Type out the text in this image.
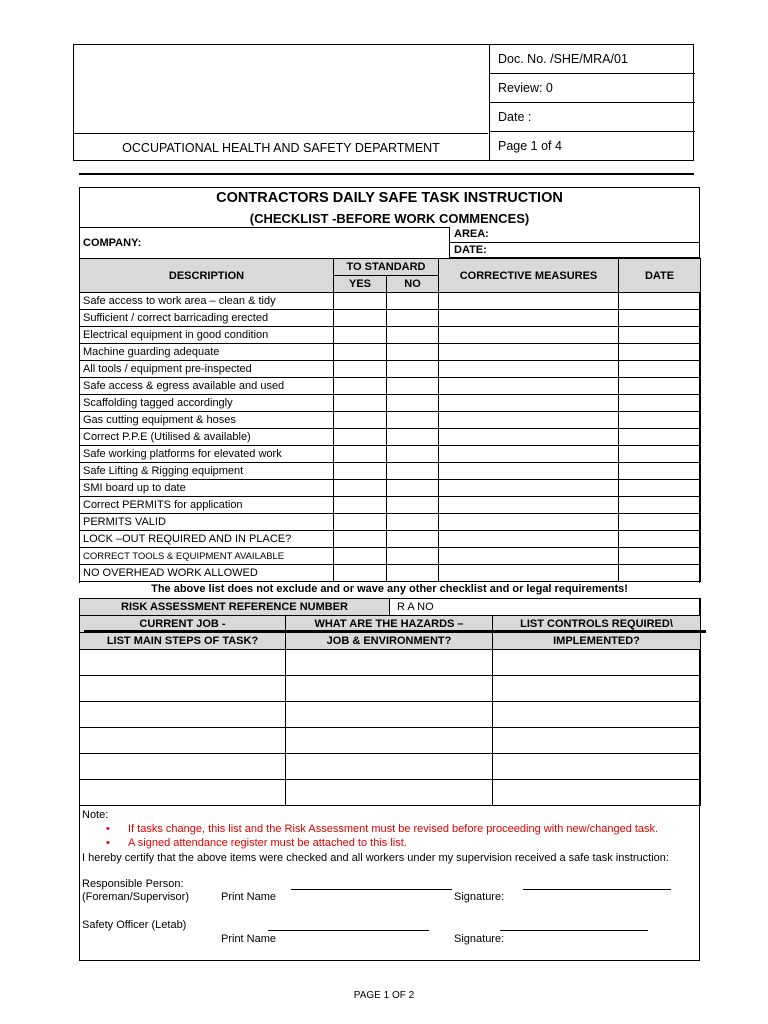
OCCUPATIONAL HEALTH AND SAFETY DEPARTMENT
Doc. No. /SHE/MRA/01
Review: 0
Date :
Page 1 of 4
CONTRACTORS DAILY SAFE TASK INSTRUCTION
(CHECKLIST -BEFORE WORK COMMENCES)
COMPANY:			

DESCRIPTION	TO STANDARD		CORRECTIVE MEASURES	DATE
	YES	NO		
Safe access to work area – clean & tidy				
Sufficient / correct barricading erected				
Electrical equipment in good condition				
Machine guarding adequate				
All tools / equipment pre-inspected				
Safe access & egress available and used				
Scaffolding tagged accordingly				
Gas cutting equipment & hoses				
Correct P.P.E (Utilised & available)				
Safe working platforms for elevated work				
Safe Lifting & Rigging equipment				
SMI board up to date				
Correct PERMITS for application				
PERMITS VALID				
LOCK –OUT REQUIRED AND IN PLACE?				
CORRECT TOOLS & EQUIPMENT AVAILABLE				
NO OVERHEAD WORK ALLOWED				
AREA:
DATE:
The above list does not exclude and or wave any other checklist and or legal requirements!
RISK ASSESSMENT REFERENCE NUMBER	R A NO
CURRENT JOB -	WHAT ARE THE HAZARDS –	LIST CONTROLS REQUIRED\
LIST MAIN STEPS OF TASK?	JOB & ENVIRONMENT?	IMPLEMENTED?

Note:
• If tasks change, this list and the Risk Assessment must be revised before proceeding with new/changed task.
• A signed attendance register must be attached to this list.
I hereby certify that the above items were checked and all workers under my supervision received a safe task instruction:
Responsible Person:
(Foreman/Supervisor)	Print Name	Signature:
Safety Officer (Letab)
Print Name	Signature:
PAGE 1 OF 2
